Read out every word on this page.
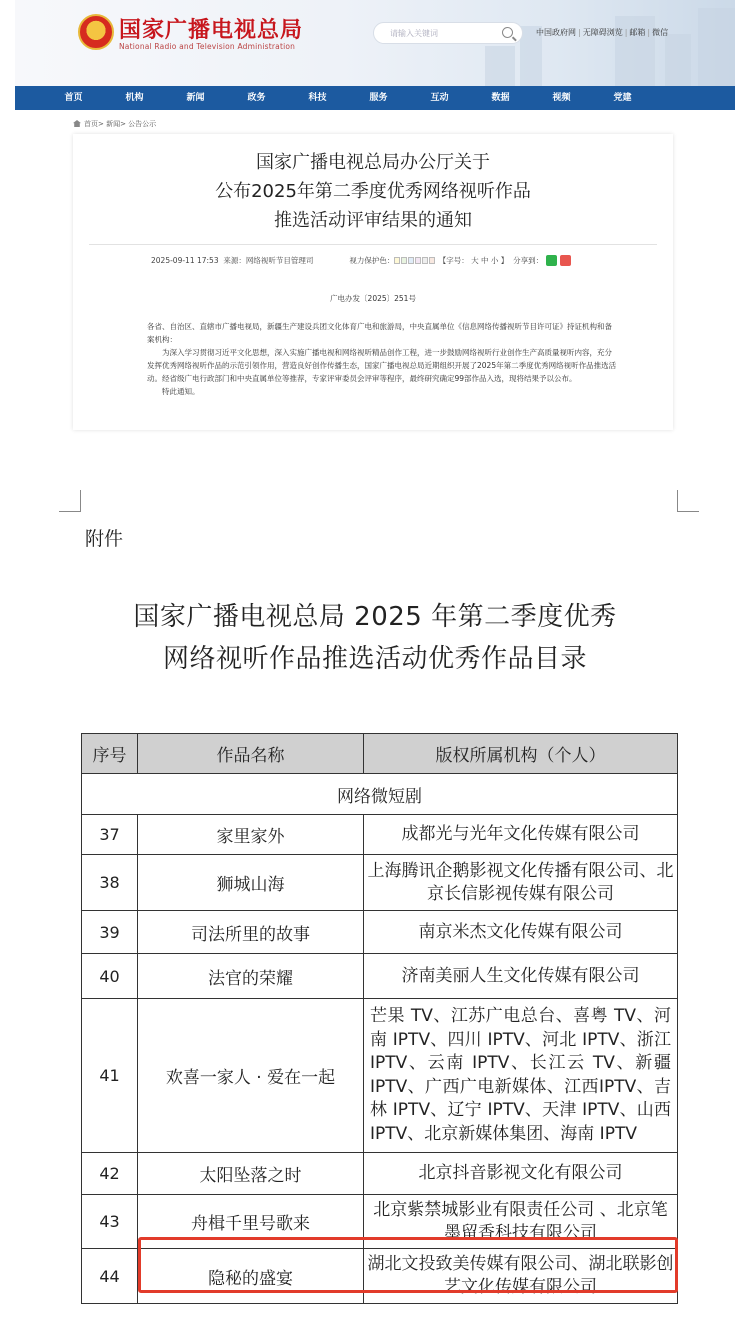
国家广播电视总局
National Radio and Television Administration
请输入关键词	中国政府网 | 无障碍浏览 | 邮箱 | 微信
首页	机构	新闻	政务	科技	服务	互动	数据	视频	党建
首页> 新闻> 公告公示
国家广播电视总局办公厅关于
公布2025年第二季度优秀网络视听作品
推选活动评审结果的通知
2025-09-11 17:53 来源：网络视听节目管理司	视力保护色：	【字号： 大 中 小 】 分享到：
广电办发〔2025〕251号

各省、自治区、直辖市广播电视局，新疆生产建设兵团文化体育广电和旅游局，中央直属单位《信息网络传播视听节目许可证》持证机构和备案机构：

为深入学习贯彻习近平文化思想，深入实施广播电视和网络视听精品创作工程，进一步鼓励网络视听行业创作生产高质量视听内容，充分发挥优秀网络视听作品的示范引领作用，营造良好创作传播生态，国家广播电视总局近期组织开展了2025年第二季度优秀网络视听作品推选活动。经省级广电行政部门和中央直属单位等推荐，专家评审委员会评审等程序，最终研究确定99部作品入选，现将结果予以公布。

特此通知。

附件
国家广播电视总局 2025 年第二季度优秀
网络视听作品推选活动优秀作品目录
序号	作品名称	版权所属机构（个人）
网络微短剧		
37	家里家外	成都光与光年文化传媒有限公司
38	狮城山海	上海腾讯企鹅影视文化传播有限公司、北京长信影视传媒有限公司
39	司法所里的故事	南京米杰文化传媒有限公司
40	法官的荣耀	济南美丽人生文化传媒有限公司
41	欢喜一家人 · 爱在一起	芒果 TV、江苏广电总台、喜粤 TV、河南 IPTV、四川 IPTV、河北 IPTV、浙江 IPTV、云南 IPTV、长江云 TV、新疆 IPTV、广西广电新媒体、江西IPTV、吉林 IPTV、辽宁 IPTV、天津 IPTV、山西 IPTV、北京新媒体集团、海南 IPTV
42	太阳坠落之时	北京抖音影视文化有限公司
43	舟楫千里号歌来	北京紫禁城影业有限责任公司 、北京笔墨留香科技有限公司
44	隐秘的盛宴	湖北文投致美传媒有限公司、湖北联影创艺文化传媒有限公司
